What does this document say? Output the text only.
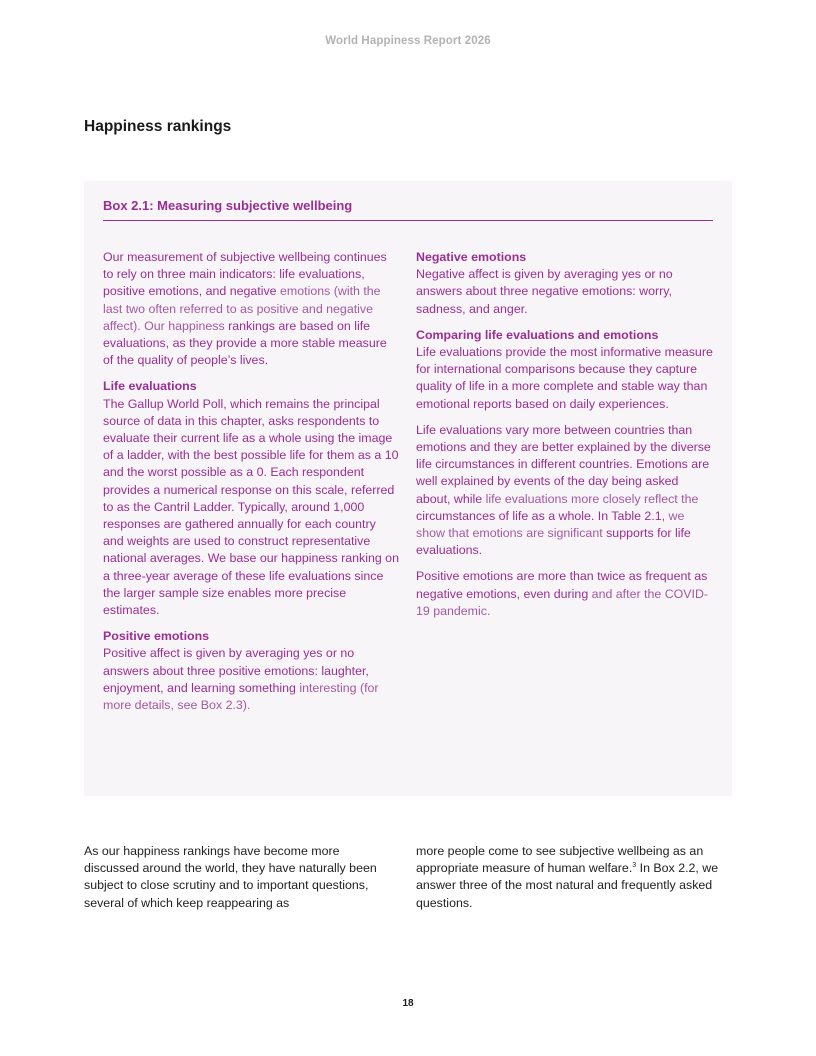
World Happiness Report 2026
Happiness rankings
Box 2.1: Measuring subjective wellbeing

Our measurement of subjective wellbeing continues to rely on three main indicators: life evaluations, positive emotions, and negative emotions (with the last two often referred to as positive and negative affect). Our happiness rankings are based on life evaluations, as they provide a more stable measure of the quality of people’s lives.

Life evaluations
The Gallup World Poll, which remains the principal source of data in this chapter, asks respondents to evaluate their current life as a whole using the image of a ladder, with the best possible life for them as a 10 and the worst possible as a 0. Each respondent provides a numerical response on this scale, referred to as the Cantril Ladder. Typically, around 1,000 responses are gathered annually for each country and weights are used to construct representative national averages. We base our happiness ranking on a three-year average of these life evaluations since the larger sample size enables more precise estimates.

Positive emotions
Positive affect is given by averaging yes or no answers about three positive emotions: laughter, enjoyment, and learning something interesting (for more details, see Box 2.3).

Negative emotions
Negative affect is given by averaging yes or no answers about three negative emotions: worry, sadness, and anger.

Comparing life evaluations and emotions
Life evaluations provide the most informative measure for international comparisons because they capture quality of life in a more complete and stable way than emotional reports based on daily experiences.

Life evaluations vary more between countries than emotions and they are better explained by the diverse life circumstances in different countries. Emotions are well explained by events of the day being asked about, while life evaluations more closely reflect the circumstances of life as a whole. In Table 2.1, we show that emotions are significant supports for life evaluations.

Positive emotions are more than twice as frequent as negative emotions, even during and after the COVID-19 pandemic.

As our happiness rankings have become more discussed around the world, they have naturally been subject to close scrutiny and to important questions, several of which keep reappearing as
more people come to see subjective wellbeing as an appropriate measure of human welfare.$^3$ In Box 2.2, we answer three of the most natural and frequently asked questions.
18
